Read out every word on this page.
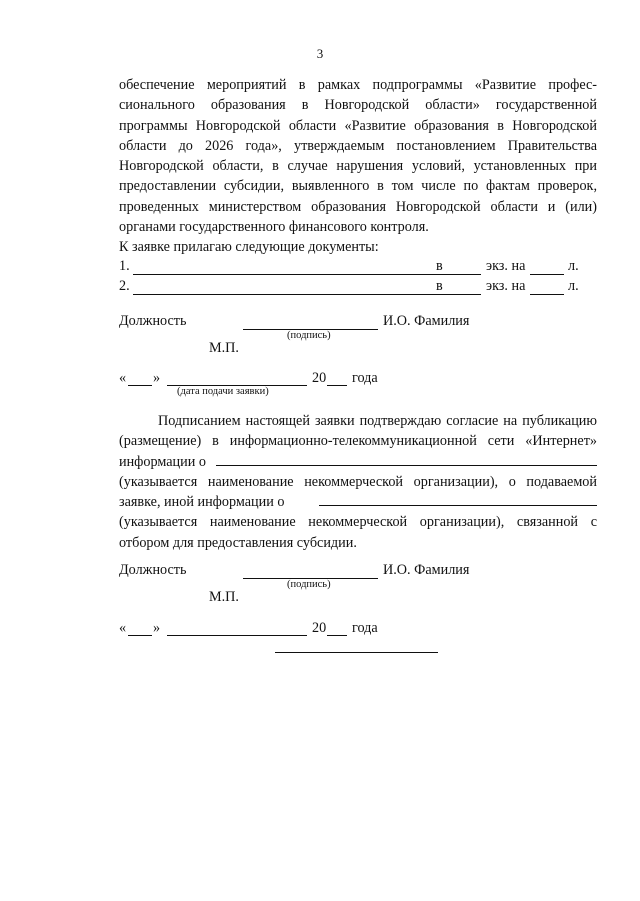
3
обеспечение мероприятий в рамках подпрограммы «Развитие профес-
сионального образования в Новгородской области» государственной
программы Новгородской области «Развитие образования в Новгородской
области до 2026 года», утверждаемым постановлением Правительства
Новгородской области, в случае нарушения условий, установленных при
предоставлении субсидии, выявленного в том числе по фактам проверок,
проведенных министерством образования Новгородской области и (или)
органами государственного финансового контроля.
К заявке прилагаю следующие документы:
1.	в	экз. на	л.
2.	в	экз. на	л.
Должность	И.О. Фамилия
(подпись)
М.П.
« »	20 года
(дата подачи заявки)
Подписанием настоящей заявки подтверждаю согласие на публикацию
(размещение) в информационно-телекоммуникационной сети «Интернет»
информации о
(указывается наименование некоммерческой организации), о подаваемой
заявке, иной информации о
(указывается наименование некоммерческой организации), связанной с
отбором для предоставления субсидии.
Должность	И.О. Фамилия
(подпись)
М.П.
« »	20 года
